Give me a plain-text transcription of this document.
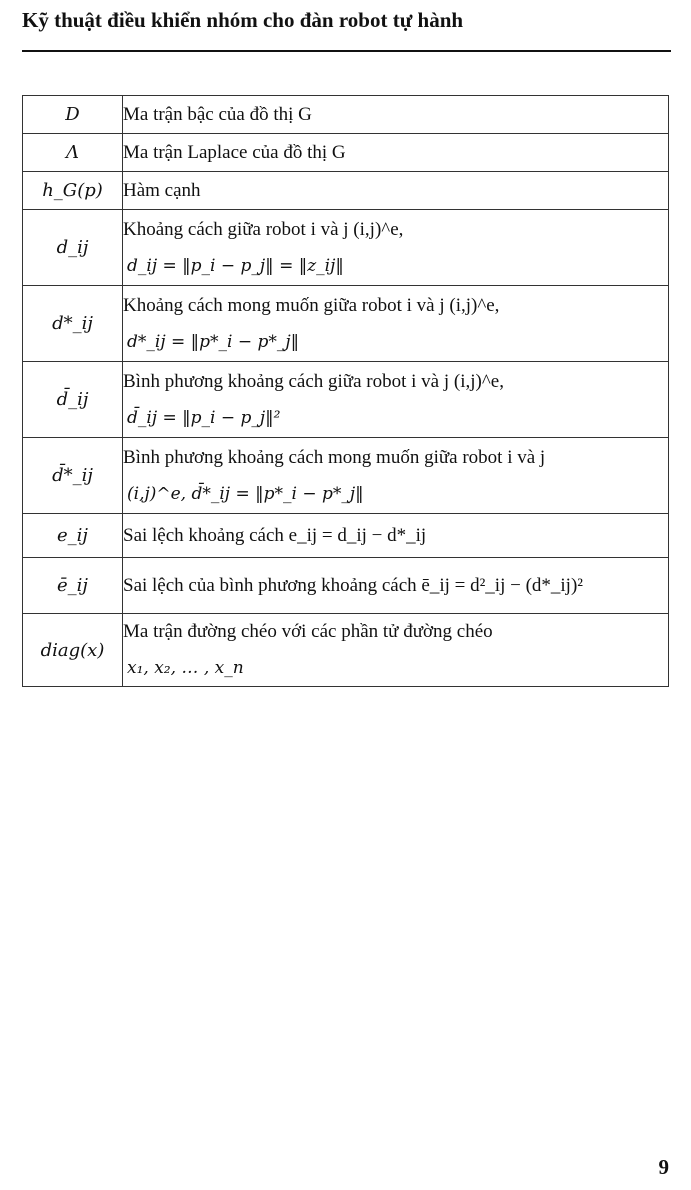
Kỹ thuật điều khiển nhóm cho đàn robot tự hành
D	Ma trận bậc của đồ thị G

Λ	Ma trận Laplace của đồ thị G

h_G(p)	Hàm cạnh

d_ij	Khoảng cách giữa robot i và j (i,j)^e,
d_ij = ‖p_i − p_j‖ = ‖z_ij‖

d*_ij	Khoảng cách mong muốn giữa robot i và j (i,j)^e,
d*_ij = ‖p*_i − p*_j‖

d̄_ij	Bình phương khoảng cách giữa robot i và j (i,j)^e,
d̄_ij = ‖p_i − p_j‖²

d̄*_ij	Bình phương khoảng cách mong muốn giữa robot i và j
(i,j)^e, d̄*_ij = ‖p*_i − p*_j‖

e_ij	Sai lệch khoảng cách e_ij = d_ij − d*_ij

ē_ij	Sai lệch của bình phương khoảng cách ē_ij = d²_ij − (d*_ij)²

diag(x)	Ma trận đường chéo với các phần tử đường chéo
x₁, x₂, … , x_n
9
